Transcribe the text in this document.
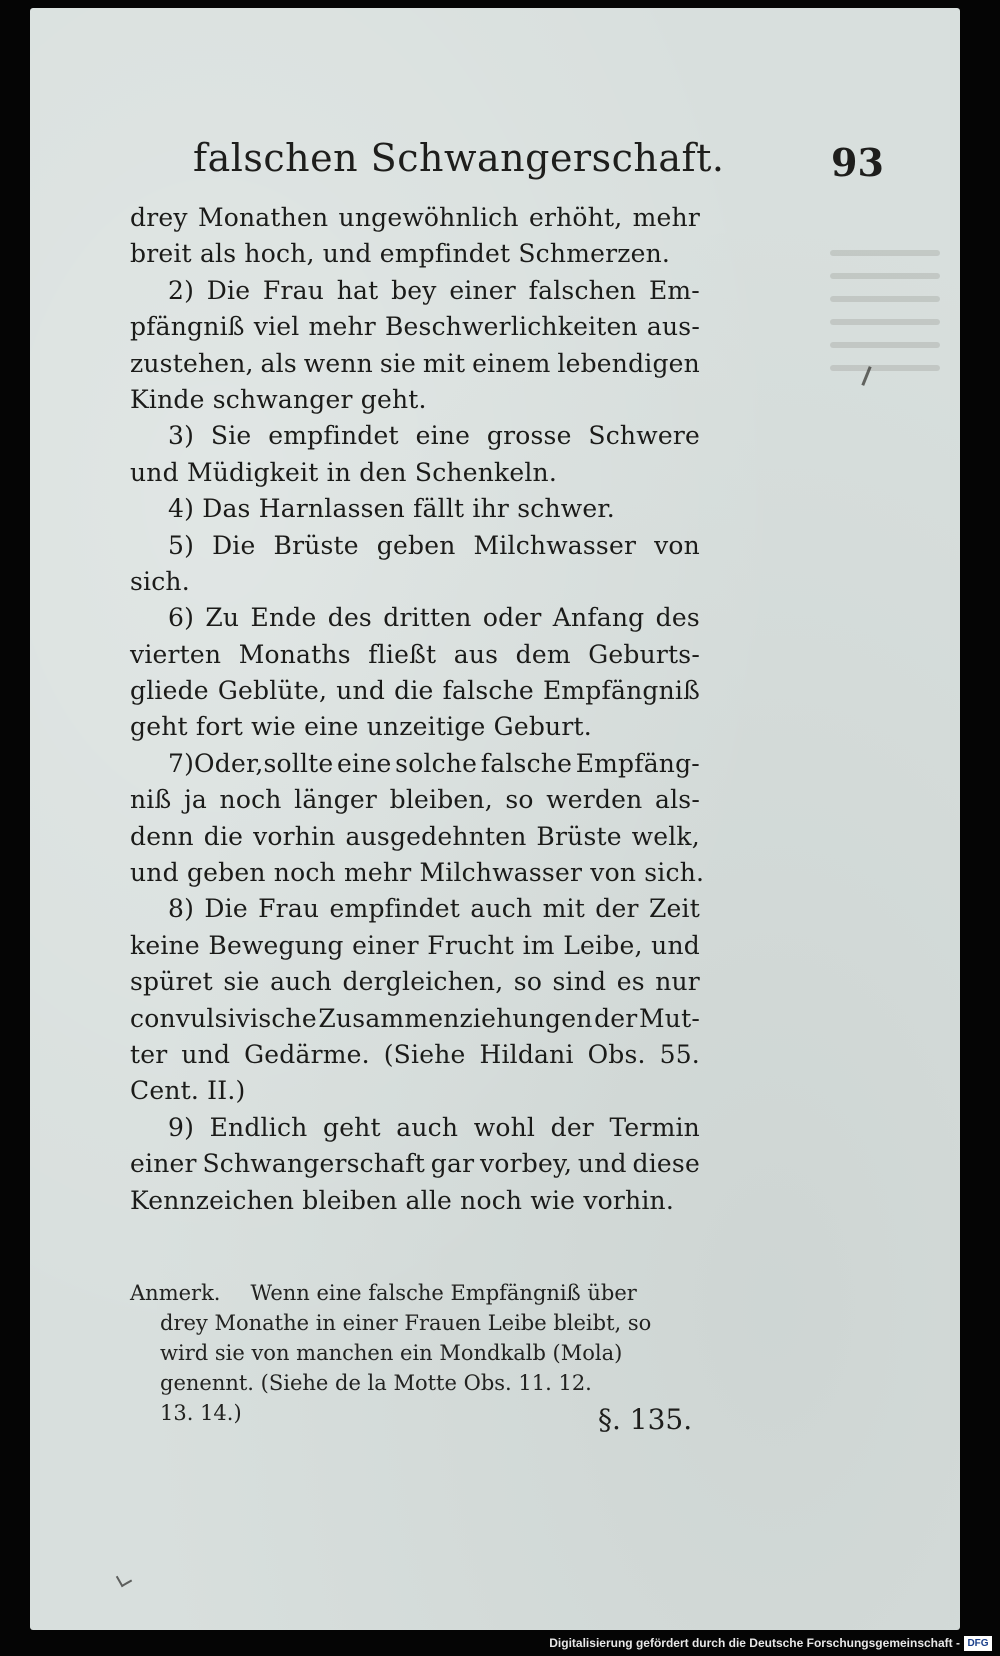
falschen Schwangerschaft.	93
drey Monathen ungewöhnlich erhöht, mehr
breit als hoch, und empfindet Schmerzen.
2) Die Frau hat bey einer falschen Em-
pfängniß viel mehr Beschwerlichkeiten aus-
zustehen, als wenn sie mit einem lebendigen
Kinde schwanger geht.
3) Sie empfindet eine grosse Schwere
und Müdigkeit in den Schenkeln.
4) Das Harnlassen fällt ihr schwer.
5) Die Brüste geben Milchwasser von
sich.
6) Zu Ende des dritten oder Anfang des
vierten Monaths fließt aus dem Geburts-
gliede Geblüte, und die falsche Empfängniß
geht fort wie eine unzeitige Geburt.
7)Oder,sollte eine solche falsche Empfäng-
niß ja noch länger bleiben, so werden als-
denn die vorhin ausgedehnten Brüste welk,
und geben noch mehr Milchwasser von sich.
8) Die Frau empfindet auch mit der Zeit
keine Bewegung einer Frucht im Leibe, und
spüret sie auch dergleichen, so sind es nur
convulsivische Zusammenziehungen der Mut-
ter und Gedärme. (Siehe Hildani Obs. 55.
Cent. II.)
9) Endlich geht auch wohl der Termin
einer Schwangerschaft gar vorbey, und diese
Kennzeichen bleiben alle noch wie vorhin.
Anmerk. Wenn eine falsche Empfängniß über
drey Monathe in einer Frauen Leibe bleibt, so
wird sie von manchen ein Mondkalb (Mola)
genennt. (Siehe de la Motte Obs. 11. 12.
13. 14.)	§. 135.
Digitalisierung gefördert durch die Deutsche Forschungsgemeinschaft - DFG
